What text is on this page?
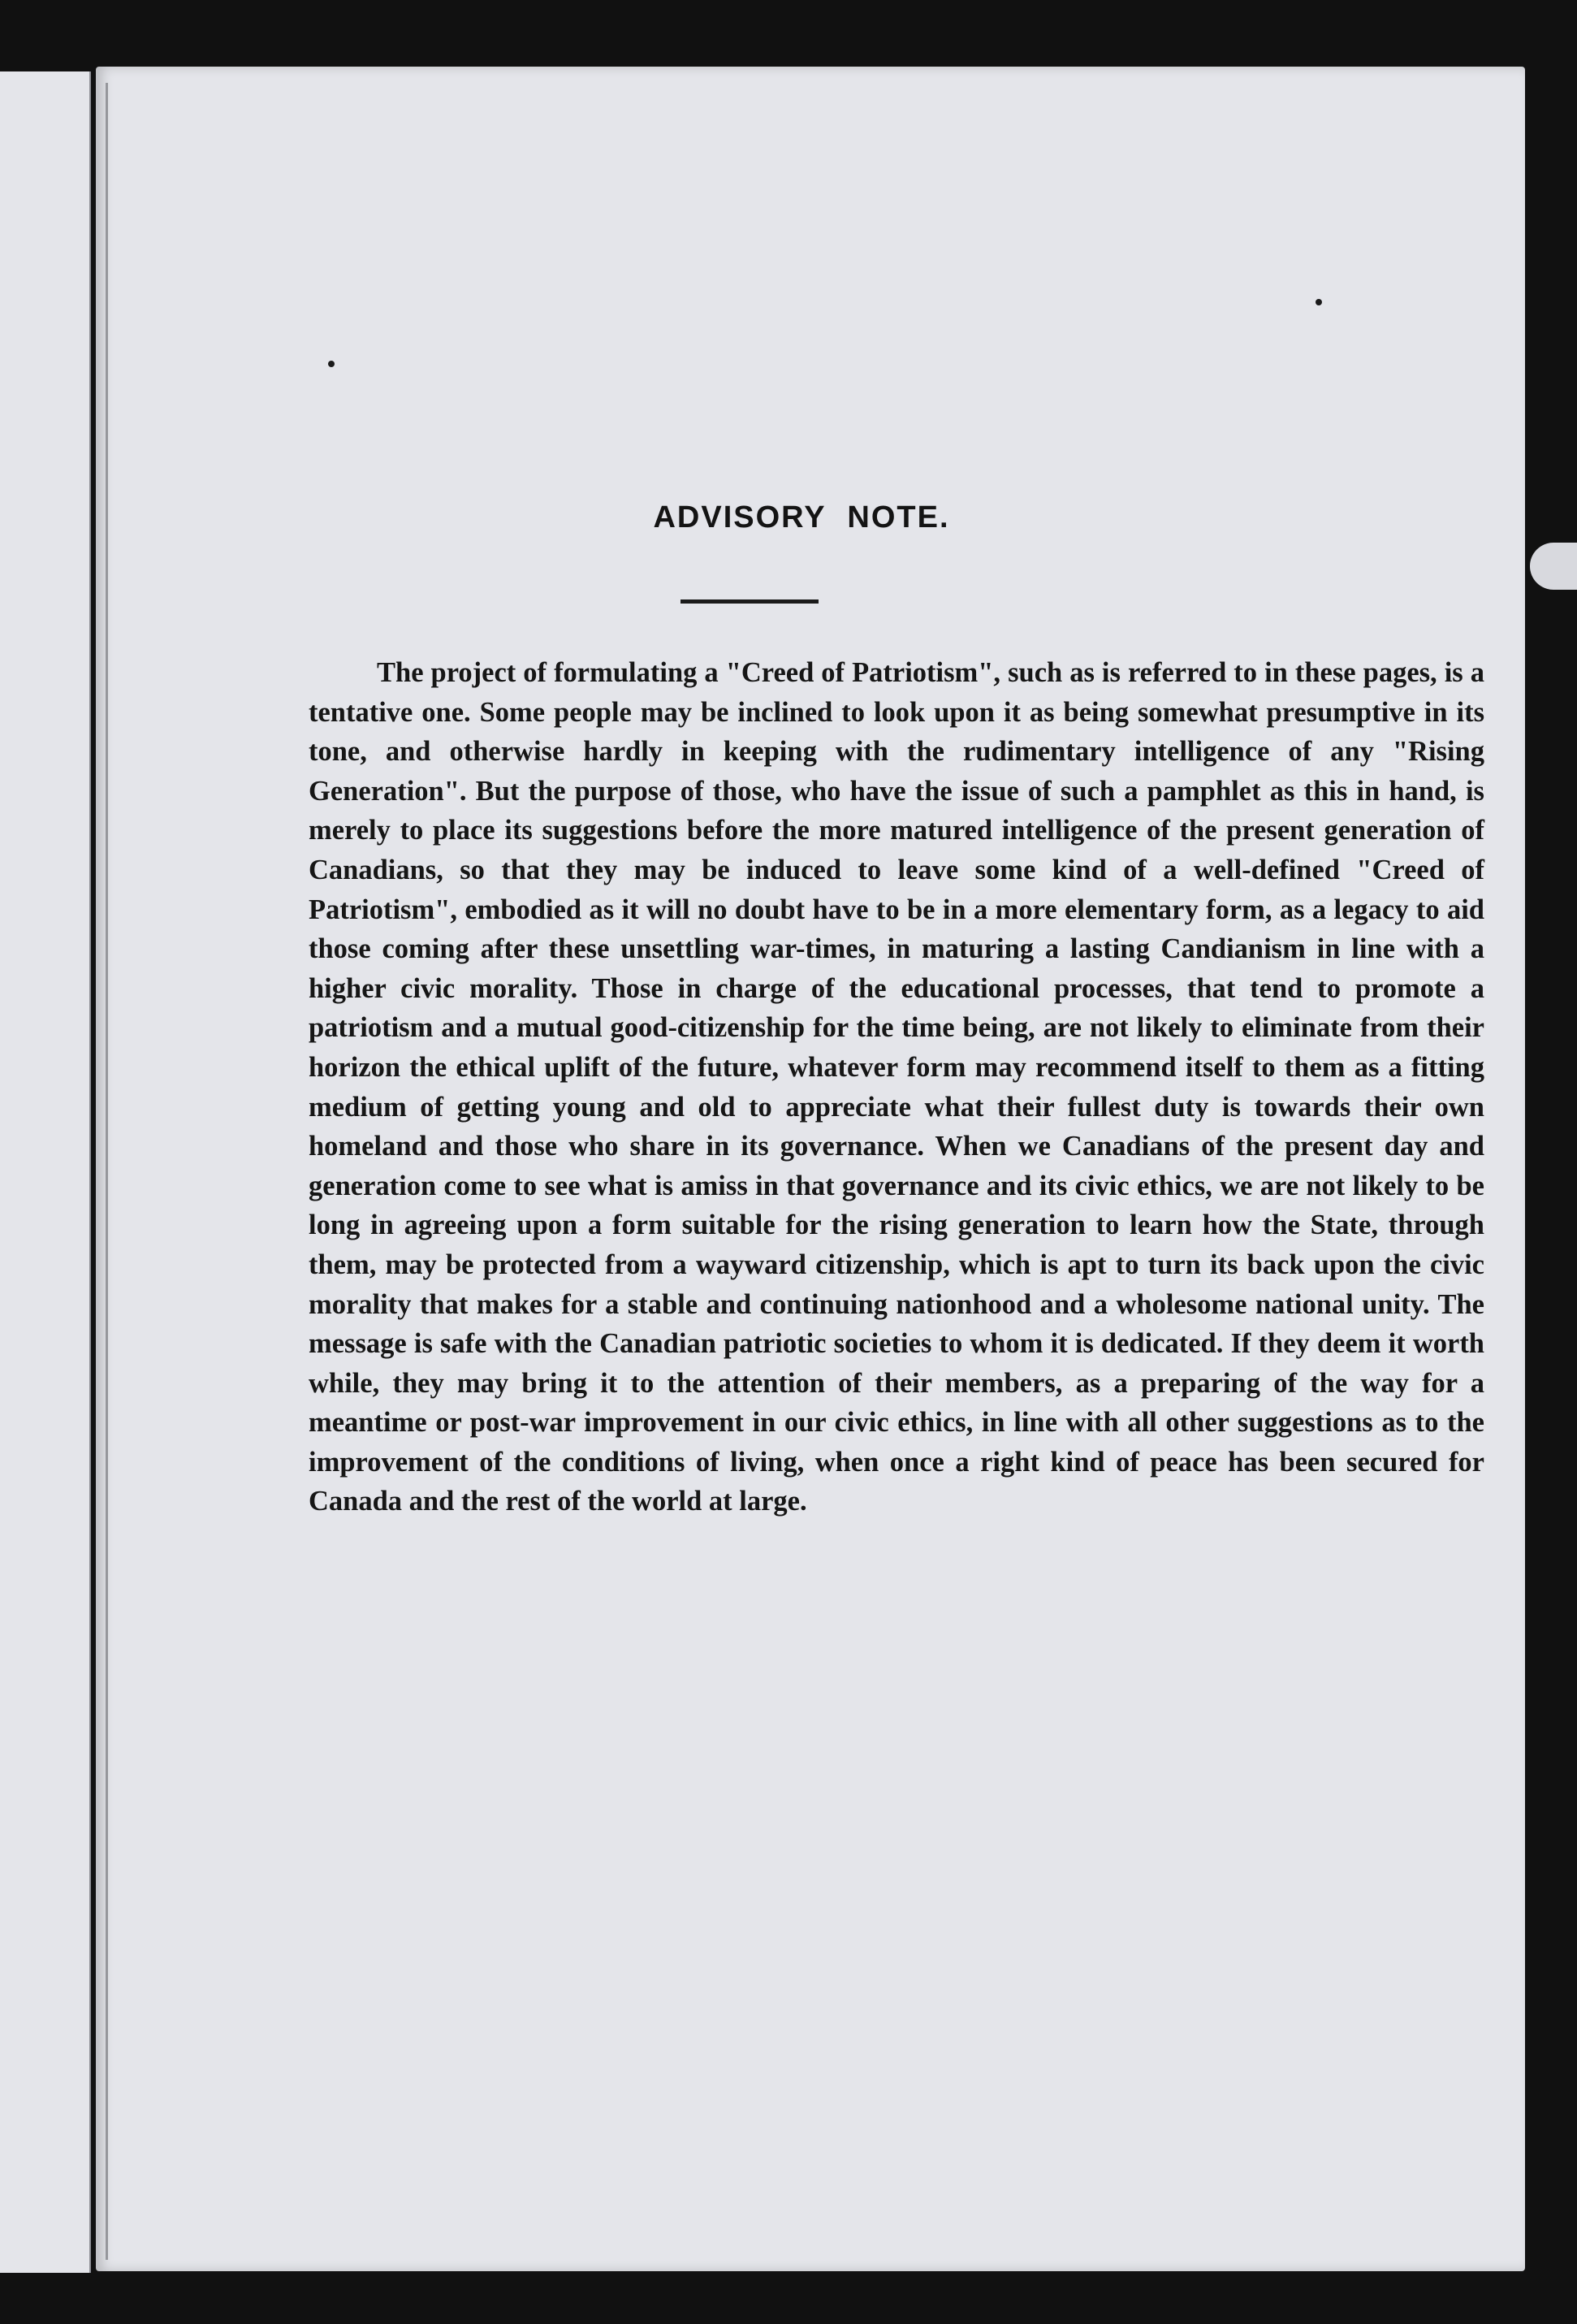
ADVISORY NOTE.

The project of formulating a "Creed of Patriotism", such as is referred to in these pages, is a tentative one. Some people may be inclined to look upon it as being somewhat presumptive in its tone, and otherwise hardly in keeping with the rudimentary intelligence of any "Rising Generation". But the purpose of those, who have the issue of such a pamphlet as this in hand, is merely to place its suggestions before the more matured intelligence of the present generation of Canadians, so that they may be induced to leave some kind of a well-defined "Creed of Patriotism", embodied as it will no doubt have to be in a more elementary form, as a legacy to aid those coming after these unsettling war-times, in maturing a lasting Candianism in line with a higher civic morality. Those in charge of the educational processes, that tend to promote a patriotism and a mutual good-citizenship for the time being, are not likely to eliminate from their horizon the ethical uplift of the future, whatever form may recommend itself to them as a fitting medium of getting young and old to appreciate what their fullest duty is towards their own homeland and those who share in its governance. When we Canadians of the present day and generation come to see what is amiss in that governance and its civic ethics, we are not likely to be long in agreeing upon a form suitable for the rising generation to learn how the State, through them, may be protected from a wayward citizenship, which is apt to turn its back upon the civic morality that makes for a stable and continuing nationhood and a wholesome national unity. The message is safe with the Canadian patriotic societies to whom it is dedicated. If they deem it worth while, they may bring it to the attention of their members, as a preparing of the way for a meantime or post-war improvement in our civic ethics, in line with all other suggestions as to the improvement of the conditions of living, when once a right kind of peace has been secured for Canada and the rest of the world at large.
